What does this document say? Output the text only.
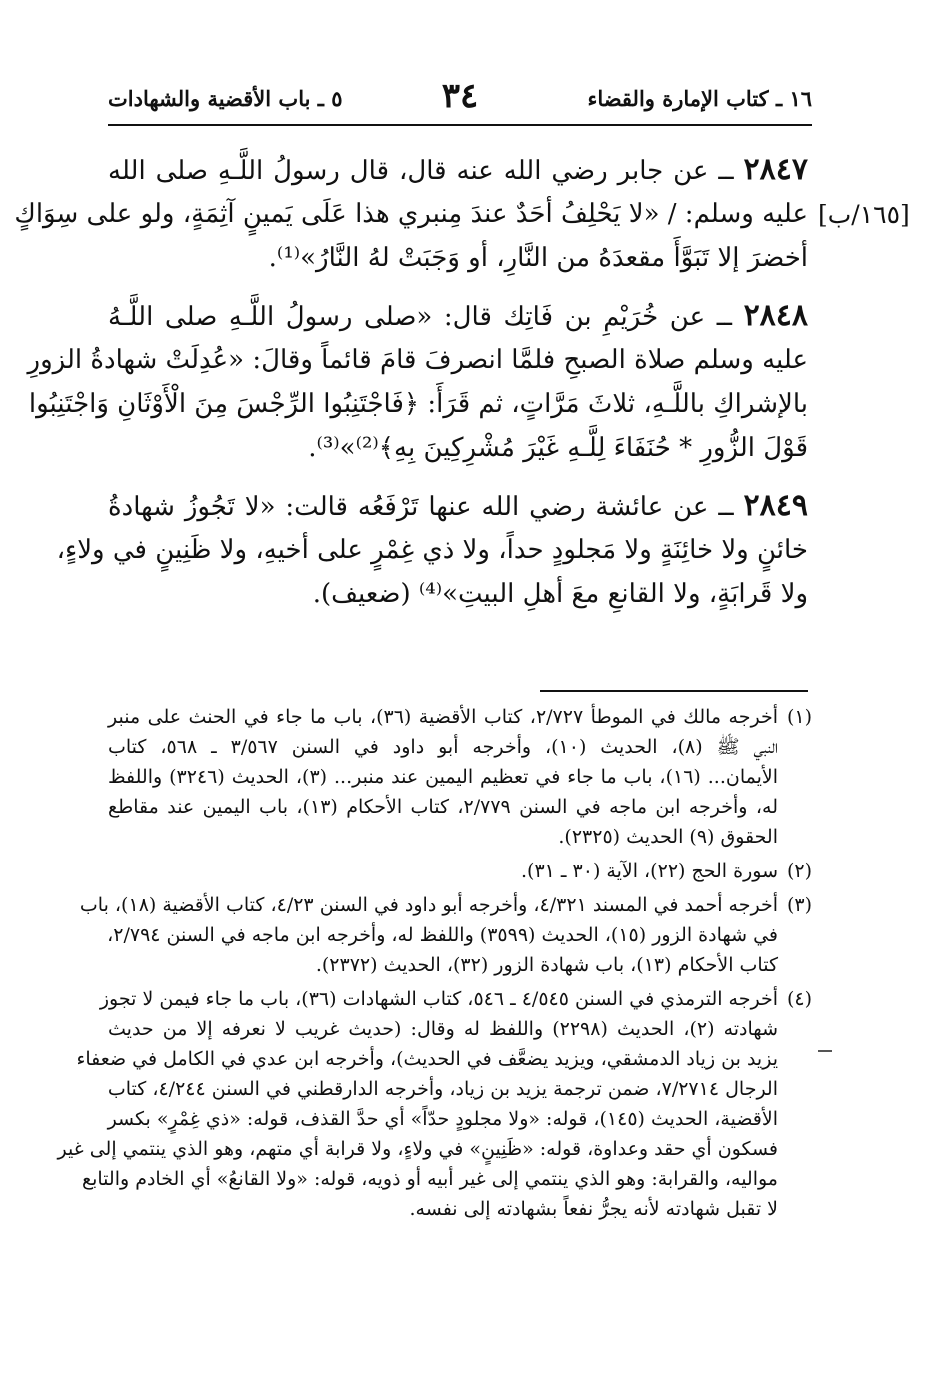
١٦ ـ كتاب الإمارة والقضاء
٣٤
٥ ـ باب الأقضية والشهادات
[١٦٥/ب]
٢٨٤٧ ــ عن جابر رضي الله عنه قال، قال رسولُ اللَّـهِ صلى الله
عليه وسلم: / «لا يَحْلِفُ أحَدٌ عندَ مِنبري هذا عَلَى يَمينٍ آثِمَةٍ، ولو على سِوَاكٍ
أخضرَ إلا تَبَوَّأَ مقعدَهُ من النَّارِ، أو وَجَبَتْ لهُ النَّارُ»⁽¹⁾.
٢٨٤٨ ــ عن خُرَيْمِ بن فَاتِك قال: «صلى رسولُ اللَّـهِ صلى اللَّـهُ
عليه وسلم صلاة الصبحِ فلمَّا انصرفَ قامَ قائماً وقالَ: «عُدِلَتْ شهادةُ الزورِ
بالإشراكِ باللَّـهِ، ثلاثَ مَرَّاتٍ، ثم قَرَأَ: ﴿فَاجْتَنِبُوا الرِّجْسَ مِنَ الْأَوْثَانِ وَاجْتَنِبُوا
قَوْلَ الزُّورِ * حُنَفَاءَ لِلَّـهِ غَيْرَ مُشْرِكِينَ بِهِ﴾⁽²⁾»⁽³⁾.
٢٨٤٩ ــ عن عائشة رضي الله عنها تَرْفَعُه قالت: «لا تَجُوزُ شهادةُ
خائنٍ ولا خائِنَةٍ ولا مَجلودٍ حداً، ولا ذي غِمْرٍ على أخيهِ، ولا ظَنِينٍ في ولاءٍ،
ولا قَرابَةٍ، ولا القانعِ معَ أهلِ البيتِ»⁽⁴⁾ (ضعيف).
(١)
أخرجه مالك في الموطأ ٢/٧٢٧، كتاب الأقضية (٣٦)، باب ما جاء في الحنث على منبر
النبي ﷺ (٨)، الحديث (١٠)، وأخرجه أبو داود في السنن ٣/٥٦٧ ـ ٥٦٨، كتاب
الأيمان... (١٦)، باب ما جاء في تعظيم اليمين عند منبر... (٣)، الحديث (٣٢٤٦) واللفظ
له، وأخرجه ابن ماجه في السنن ٢/٧٧٩، كتاب الأحكام (١٣)، باب اليمين عند مقاطع
الحقوق (٩) الحديث (٢٣٢٥).
(٢)
سورة الحج (٢٢)، الآية (٣٠ ـ ٣١).
(٣)
أخرجه أحمد في المسند ٤/٣٢١، وأخرجه أبو داود في السنن ٤/٢٣، كتاب الأقضية (١٨)، باب
في شهادة الزور (١٥)، الحديث (٣٥٩٩) واللفظ له، وأخرجه ابن ماجه في السنن ٢/٧٩٤،
كتاب الأحكام (١٣)، باب شهادة الزور (٣٢)، الحديث (٢٣٧٢).
(٤)
أخرجه الترمذي في السنن ٤/٥٤٥ ـ ٥٤٦، كتاب الشهادات (٣٦)، باب ما جاء فيمن لا تجوز
شهادته (٢)، الحديث (٢٢٩٨) واللفظ له وقال: (حديث غريب لا نعرفه إلا من حديث
يزيد بن زياد الدمشقي، ويزيد يضعَّف في الحديث)، وأخرجه ابن عدي في الكامل في ضعفاء
الرجال ٧/٢٧١٤، ضمن ترجمة يزيد بن زياد، وأخرجه الدارقطني في السنن ٤/٢٤٤، كتاب
الأقضية، الحديث (١٤٥)، قوله: «ولا مجلودٍ حدّاً» أي حدَّ القذف، قوله: «ذي غِمْرٍ» بكسر
فسكون أي حقد وعداوة، قوله: «ظَنِينٍ» في ولاءٍ، ولا قرابة أي متهم، وهو الذي ينتمي إلى غير
مواليه، والقرابة: وهو الذي ينتمي إلى غير أبيه أو ذويه، قوله: «ولا القانعُ» أي الخادم والتابع
لا تقبل شهادته لأنه يجرُّ نفعاً بشهادته إلى نفسه.
